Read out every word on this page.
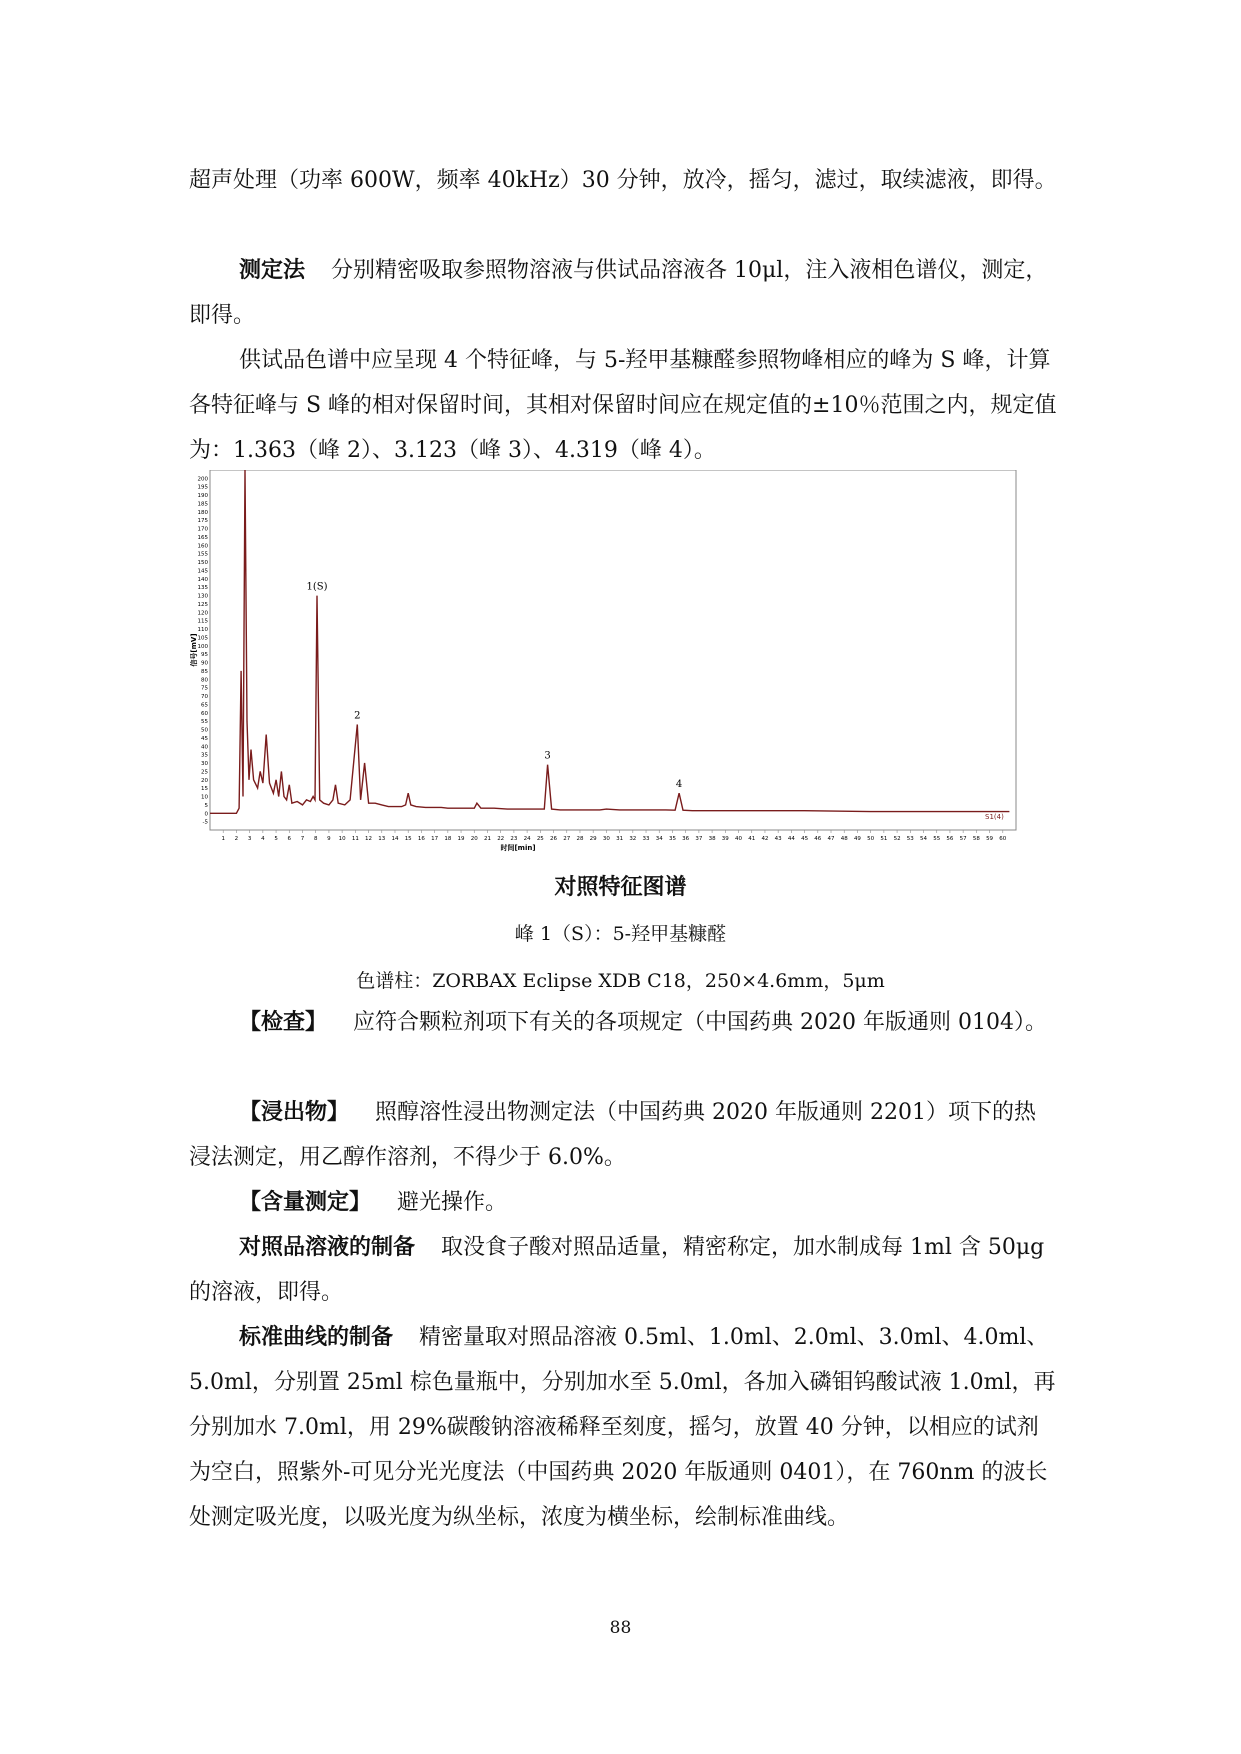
超声处理（功率 600W，频率 40kHz）30 分钟，放冷，摇匀，滤过，取续滤液，即得。

测定法 分别精密吸取参照物溶液与供试品溶液各 10μl，注入液相色谱仪，测定，即得。

供试品色谱中应呈现 4 个特征峰，与 5-羟甲基糠醛参照物峰相应的峰为 S 峰，计算各特征峰与 S 峰的相对保留时间，其相对保留时间应在规定值的±10％范围之内，规定值为：1.363（峰 2）、3.123（峰 3）、4.319（峰 4）。

-5
0
5
10
15
20
25
30
35
40
45
50
55
60
65
70
75
80
85
90
95
100
105
110
115
120
125
130
135
140
145
150
155
160
165
170
175
180
185
190
195
200
1 2 3 4 5 6 7 8 9 10 11 12 13 14 15 16 17 18 19 20 21 22 23 24 25 26 27 28 29 30 31 32 33 34 35 36 37 38 39 40 41 42 43 44 45 46 47 48 49 50 51 52 53 54 55 56 57 58 59 60
信号[mV]
时间[min]
1(S)
2
3
4
S1(4)

对照特征图谱

峰 1（S）：5-羟甲基糠醛

色谱柱：ZORBAX Eclipse XDB C18，250×4.6mm，5μm

【检查】 应符合颗粒剂项下有关的各项规定（中国药典 2020 年版通则 0104）。

【浸出物】 照醇溶性浸出物测定法（中国药典 2020 年版通则 2201）项下的热浸法测定，用乙醇作溶剂，不得少于 6.0%。

【含量测定】 避光操作。

对照品溶液的制备 取没食子酸对照品适量，精密称定，加水制成每 1ml 含 50μg 的溶液，即得。

标准曲线的制备 精密量取对照品溶液 0.5ml、1.0ml、2.0ml、3.0ml、4.0ml、5.0ml，分别置 25ml 棕色量瓶中，分别加水至 5.0ml，各加入磷钼钨酸试液 1.0ml，再分别加水 7.0ml，用 29%碳酸钠溶液稀释至刻度，摇匀，放置 40 分钟，以相应的试剂为空白，照紫外-可见分光光度法（中国药典 2020 年版通则 0401），在 760nm 的波长处测定吸光度，以吸光度为纵坐标，浓度为横坐标，绘制标准曲线。

88
